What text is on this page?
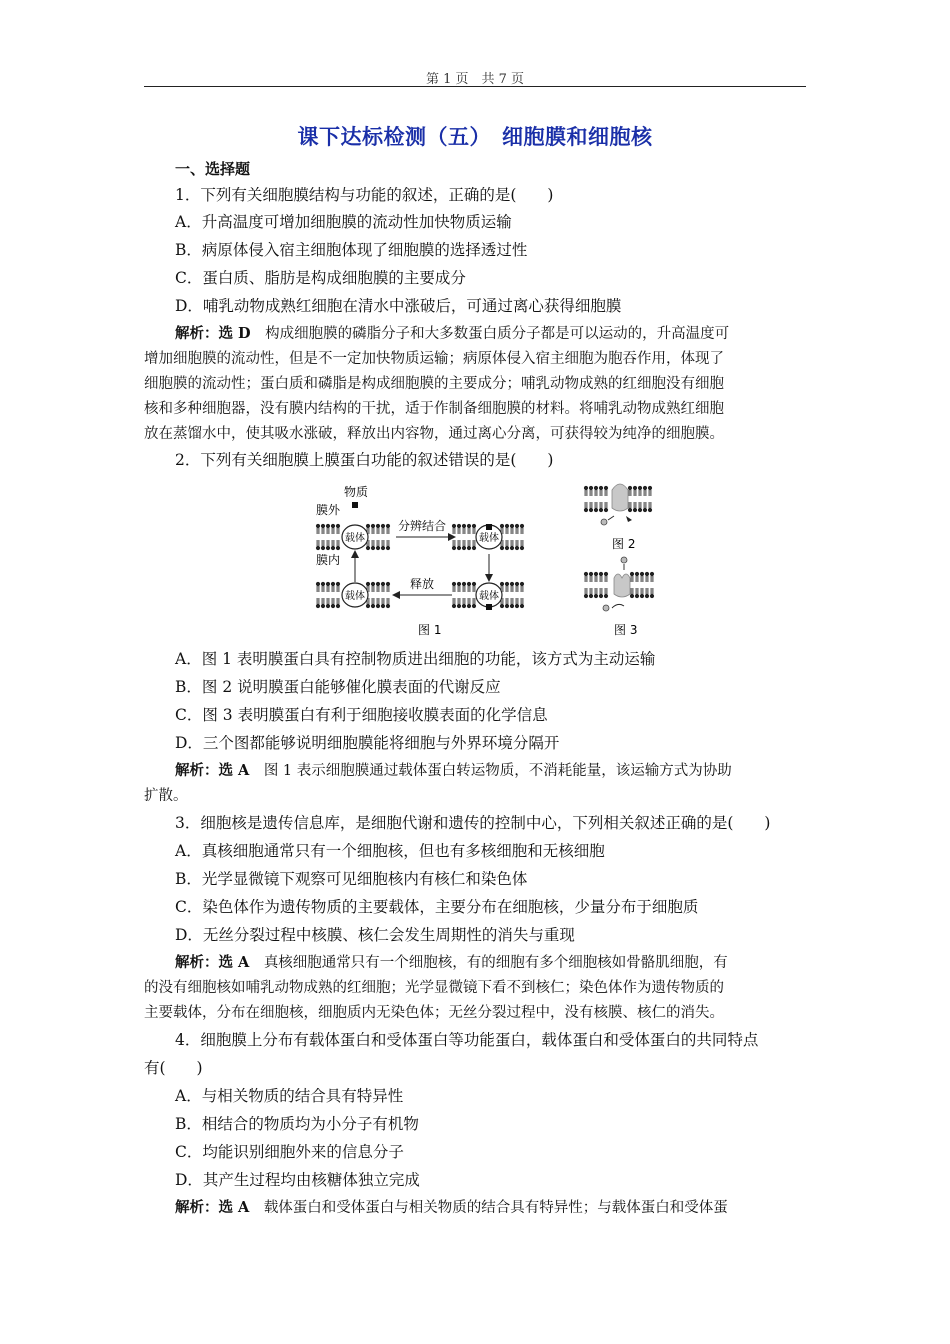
第 1 页　共 7 页
课下达标检测（五）　细胞膜和细胞核
一、选择题
1．下列有关细胞膜结构与功能的叙述，正确的是(　　)
A．升高温度可增加细胞膜的流动性加快物质运输
B．病原体侵入宿主细胞体现了细胞膜的选择透过性
C．蛋白质、脂肪是构成细胞膜的主要成分
D．哺乳动物成熟红细胞在清水中涨破后，可通过离心获得细胞膜
解析：选 D　 构成细胞膜的磷脂分子和大多数蛋白质分子都是可以运动的，升高温度可
增加细胞膜的流动性，但是不一定加快物质运输；病原体侵入宿主细胞为胞吞作用，体现了
细胞膜的流动性；蛋白质和磷脂是构成细胞膜的主要成分；哺乳动物成熟的红细胞没有细胞
核和多种细胞器，没有膜内结构的干扰，适于作制备细胞膜的材料。将哺乳动物成熟红细胞
放在蒸馏水中，使其吸水涨破，释放出内容物，通过离心分离，可获得较为纯净的细胞膜。
2．下列有关细胞膜上膜蛋白功能的叙述错误的是(　　)
物质
膜外
膜内
载体
分辨结合
载体
载体
释放
载体
图 1
图 2
图 3
A．图 1 表明膜蛋白具有控制物质进出细胞的功能，该方式为主动运输
B．图 2 说明膜蛋白能够催化膜表面的代谢反应
C．图 3 表明膜蛋白有利于细胞接收膜表面的化学信息
D．三个图都能够说明细胞膜能将细胞与外界环境分隔开
解析：选 A　 图 1 表示细胞膜通过载体蛋白转运物质，不消耗能量，该运输方式为协助
扩散。
3．细胞核是遗传信息库，是细胞代谢和遗传的控制中心，下列相关叙述正确的是(　　)
A．真核细胞通常只有一个细胞核，但也有多核细胞和无核细胞
B．光学显微镜下观察可见细胞核内有核仁和染色体
C．染色体作为遗传物质的主要载体，主要分布在细胞核，少量分布于细胞质
D．无丝分裂过程中核膜、核仁会发生周期性的消失与重现
解析：选 A　 真核细胞通常只有一个细胞核，有的细胞有多个细胞核如骨骼肌细胞，有
的没有细胞核如哺乳动物成熟的红细胞；光学显微镜下看不到核仁；染色体作为遗传物质的
主要载体，分布在细胞核，细胞质内无染色体；无丝分裂过程中，没有核膜、核仁的消失。
4．细胞膜上分布有载体蛋白和受体蛋白等功能蛋白，载体蛋白和受体蛋白的共同特点
有(　　)
A．与相关物质的结合具有特异性
B．相结合的物质均为小分子有机物
C．均能识别细胞外来的信息分子
D．其产生过程均由核糖体独立完成
解析：选 A　 载体蛋白和受体蛋白与相关物质的结合具有特异性；与载体蛋白和受体蛋
